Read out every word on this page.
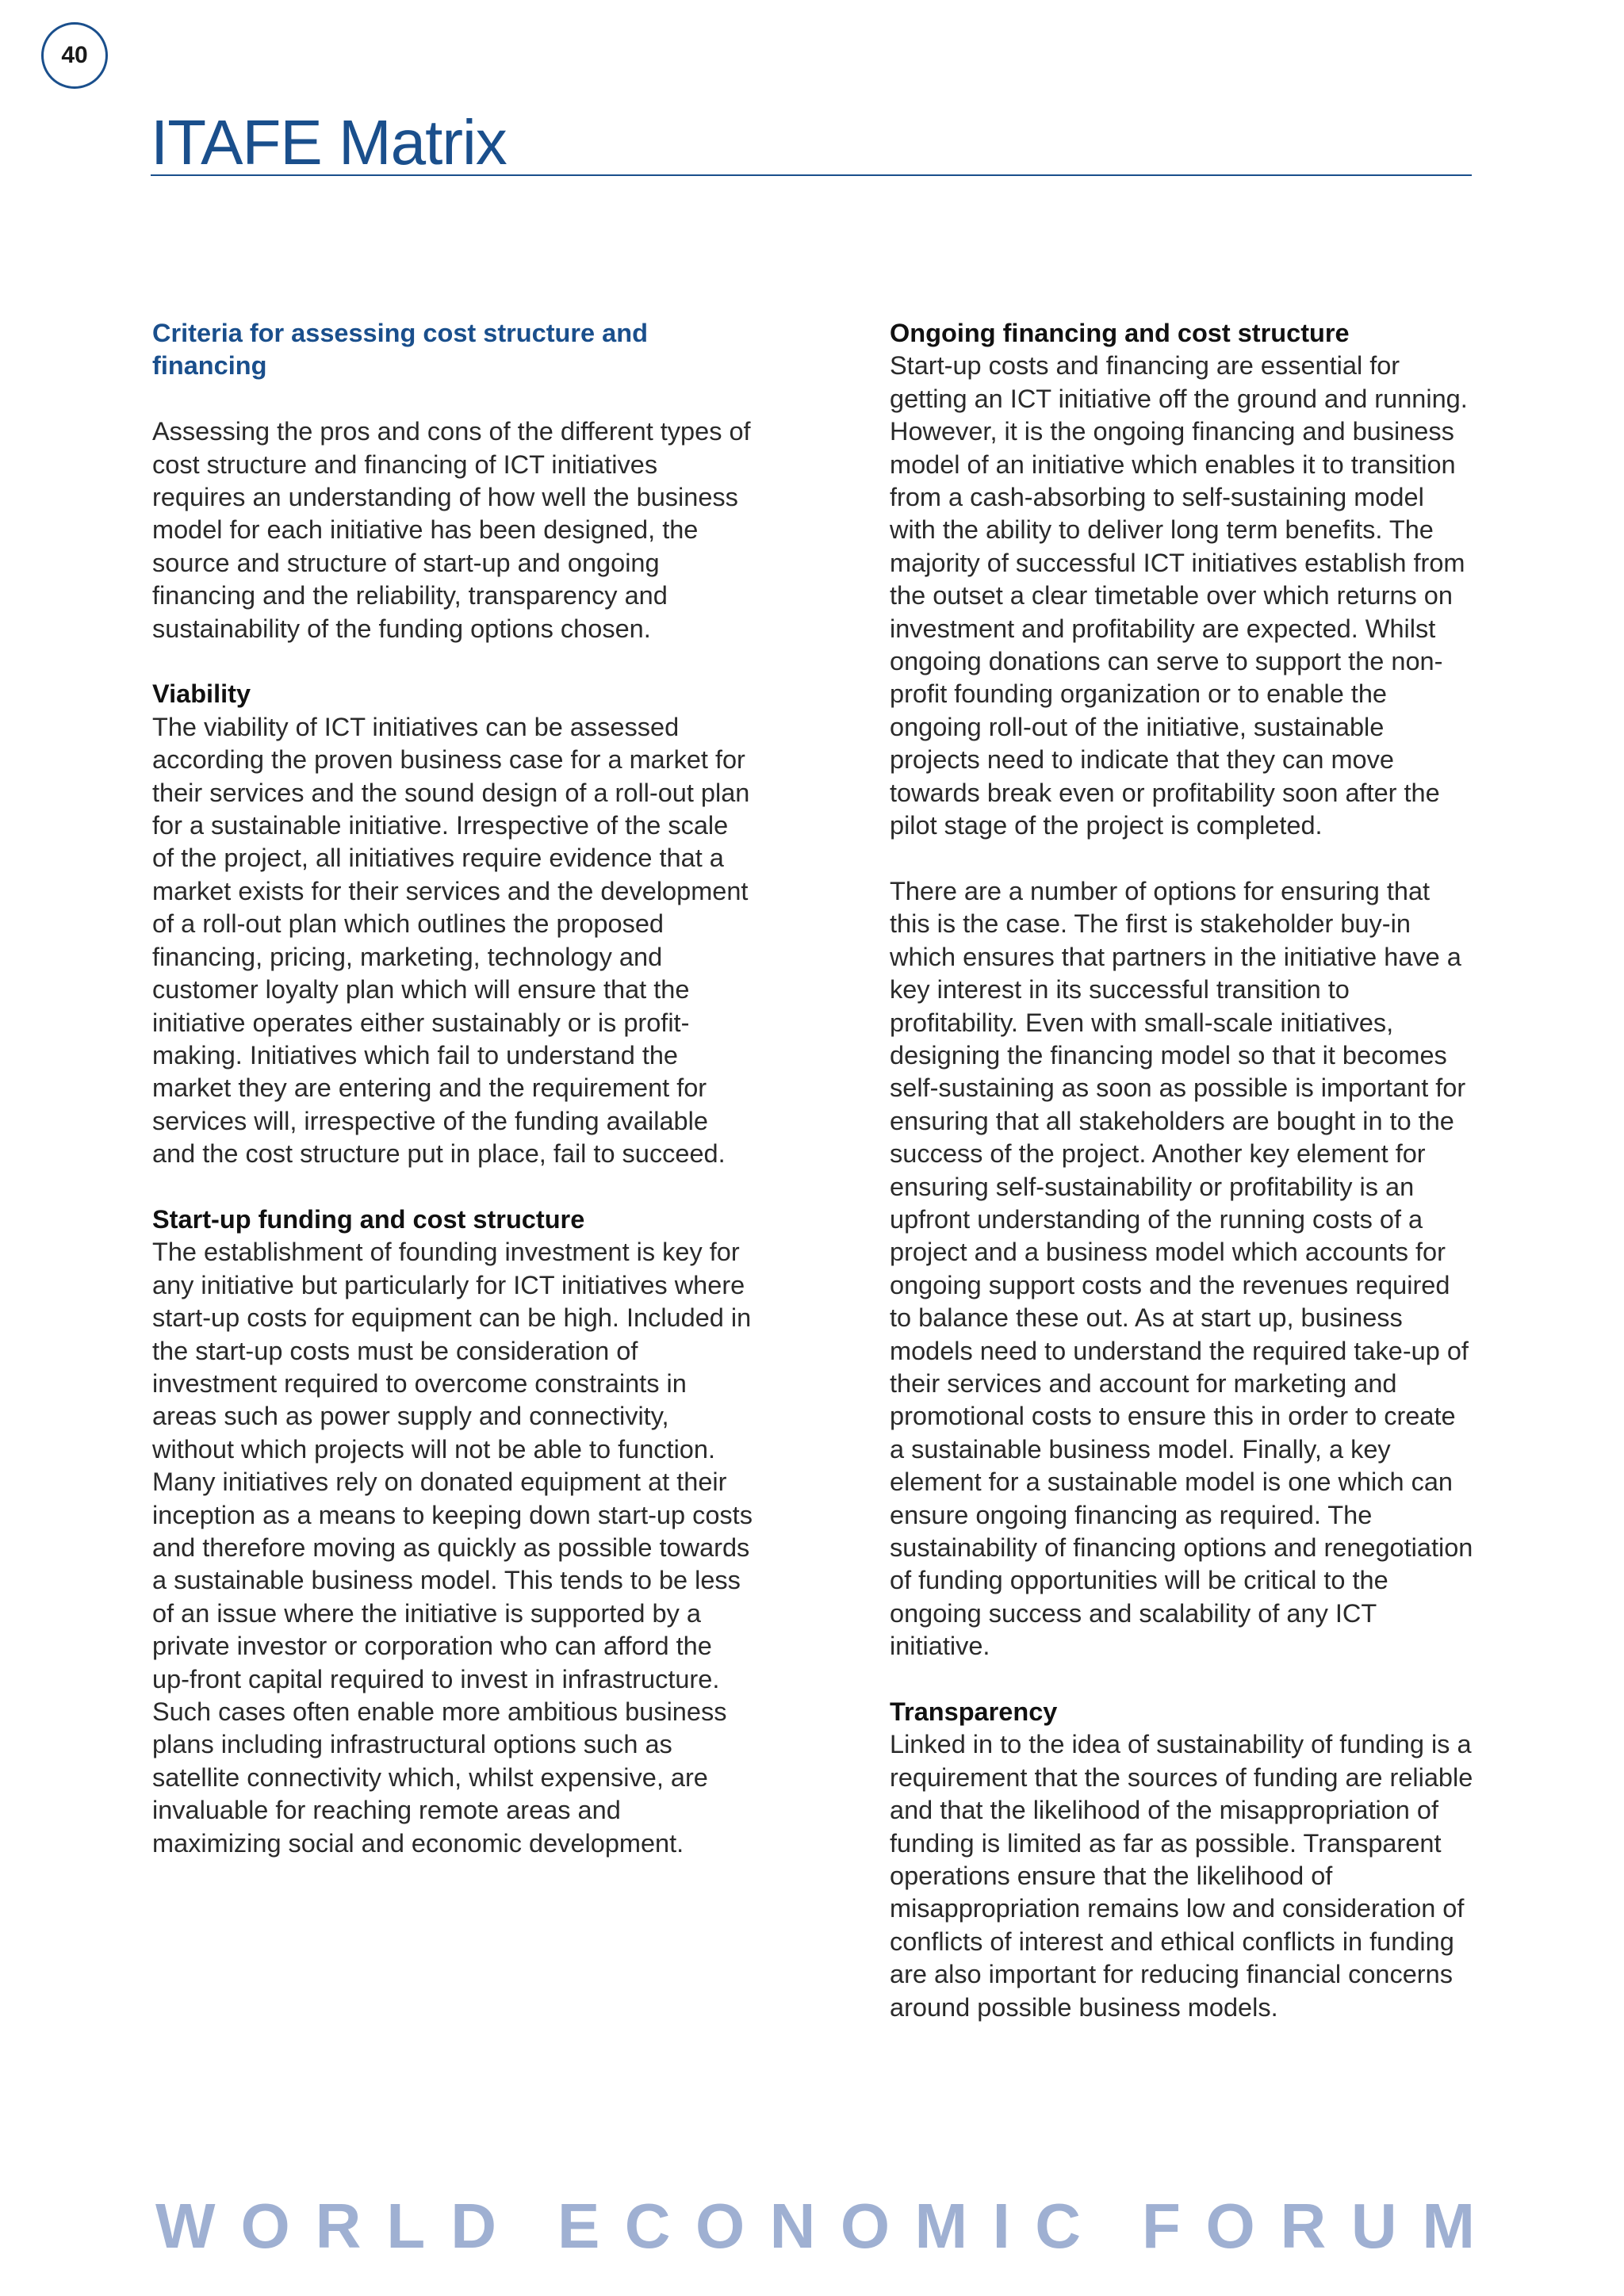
40
ITAFE Matrix
Criteria for assessing cost structure and financing

Assessing the pros and cons of the different types of cost structure and financing of ICT initiatives requires an understanding of how well the business model for each initiative has been designed, the source and structure of start-up and ongoing financing and the reliability, transparency and sustainability of the funding options chosen.

Viability

The viability of ICT initiatives can be assessed according the proven business case for a market for their services and the sound design of a roll-out plan for a sustainable initiative. Irrespective of the scale of the project, all initiatives require evidence that a market exists for their services and the development of a roll-out plan which outlines the proposed financing, pricing, marketing, technology and customer loyalty plan which will ensure that the initiative operates either sustainably or is profit-making. Initiatives which fail to understand the market they are entering and the requirement for services will, irrespective of the funding available and the cost structure put in place, fail to succeed.

Start-up funding and cost structure

The establishment of founding investment is key for any initiative but particularly for ICT initiatives where start-up costs for equipment can be high. Included in the start-up costs must be consideration of investment required to overcome constraints in areas such as power supply and connectivity, without which projects will not be able to function. Many initiatives rely on donated equipment at their inception as a means to keeping down start-up costs and therefore moving as quickly as possible towards a sustainable business model. This tends to be less of an issue where the initiative is supported by a private investor or corporation who can afford the up-front capital required to invest in infrastructure. Such cases often enable more ambitious business plans including infrastructural options such as satellite connectivity which, whilst expensive, are invaluable for reaching remote areas and maximizing social and economic development.

Ongoing financing and cost structure

Start-up costs and financing are essential for getting an ICT initiative off the ground and running. However, it is the ongoing financing and business model of an initiative which enables it to transition from a cash-absorbing to self-sustaining model with the ability to deliver long term benefits. The majority of successful ICT initiatives establish from the outset a clear timetable over which returns on investment and profitability are expected. Whilst ongoing donations can serve to support the non-profit founding organization or to enable the ongoing roll-out of the initiative, sustainable projects need to indicate that they can move towards break even or profitability soon after the pilot stage of the project is completed.

There are a number of options for ensuring that this is the case. The first is stakeholder buy-in which ensures that partners in the initiative have a key interest in its successful transition to profitability. Even with small-scale initiatives, designing the financing model so that it becomes self-sustaining as soon as possible is important for ensuring that all stakeholders are bought in to the success of the project. Another key element for ensuring self-sustainability or profitability is an upfront understanding of the running costs of a project and a business model which accounts for ongoing support costs and the revenues required to balance these out. As at start up, business models need to understand the required take-up of their services and account for marketing and promotional costs to ensure this in order to create a sustainable business model. Finally, a key element for a sustainable model is one which can ensure ongoing financing as required. The sustainability of financing options and renegotiation of funding opportunities will be critical to the ongoing success and scalability of any ICT initiative.

Transparency

Linked in to the idea of sustainability of funding is a requirement that the sources of funding are reliable and that the likelihood of the misappropriation of funding is limited as far as possible. Transparent operations ensure that the likelihood of misappropriation remains low and consideration of conflicts of interest and ethical conflicts in funding are also important for reducing financial concerns around possible business models.

W O R L D E C O N O M I C F O R U M
